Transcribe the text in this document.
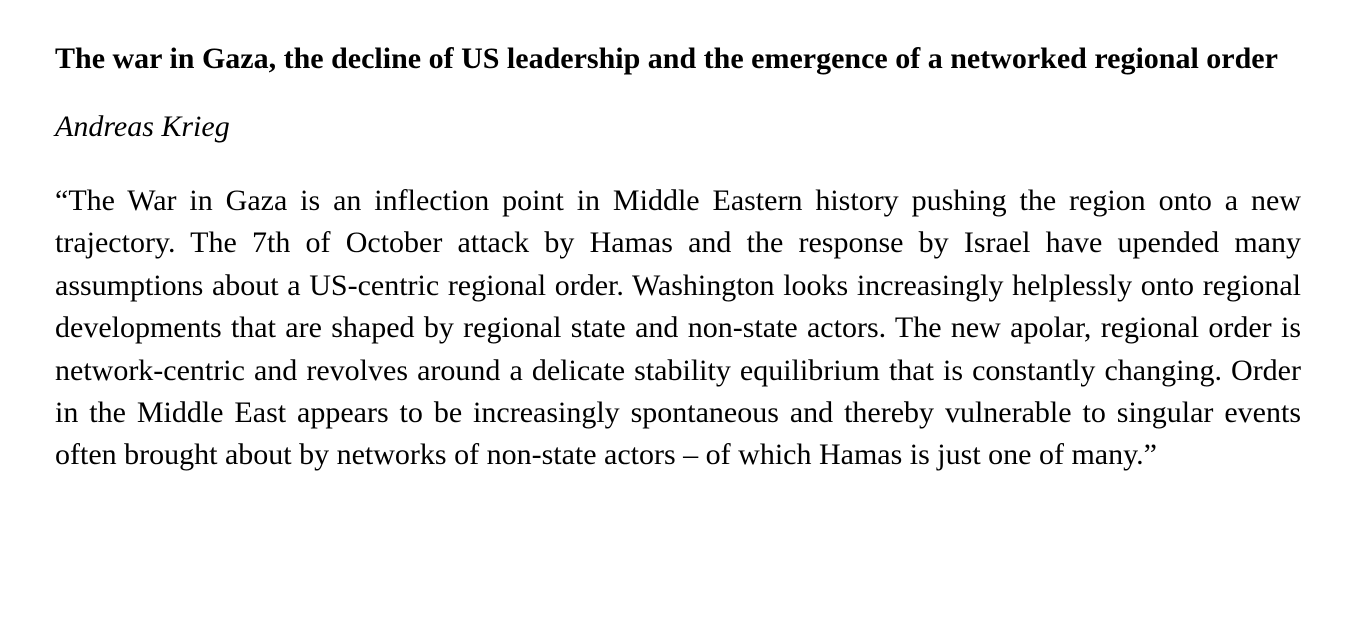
The war in Gaza, the decline of US leadership and the emergence of a networked regional order

Andreas Krieg

“The War in Gaza is an inflection point in Middle Eastern history pushing the region onto a new trajectory. The 7th of October attack by Hamas and the response by Israel have upended many assumptions about a US-centric regional order. Washington looks increasingly helplessly onto regional developments that are shaped by regional state and non-state actors. The new apolar, regional order is network-centric and revolves around a delicate stability equilibrium that is constantly changing. Order in the Middle East appears to be increasingly spontaneous and thereby vulnerable to singular events often brought about by networks of non-state actors – of which Hamas is just one of many.”
